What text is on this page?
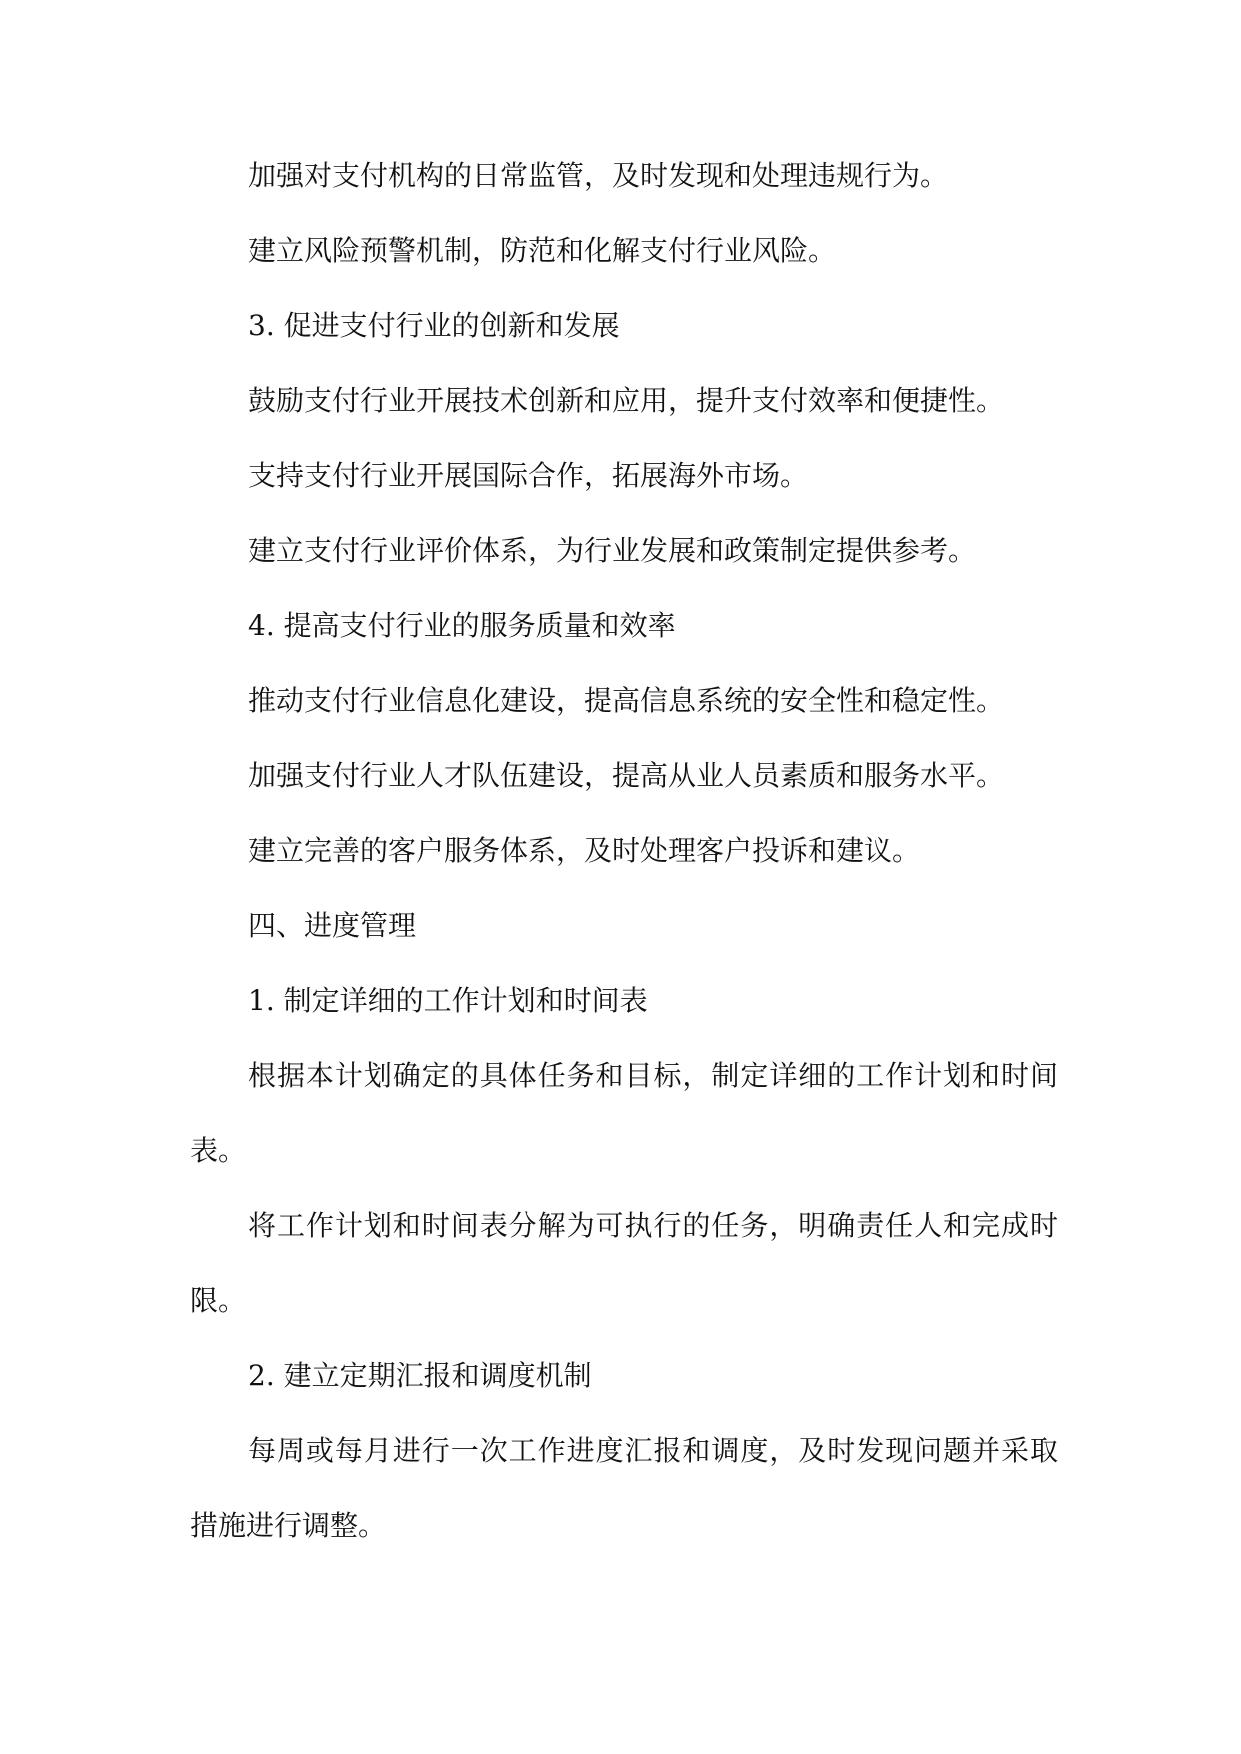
加强对支付机构的日常监管，及时发现和处理违规行为。

建立风险预警机制，防范和化解支付行业风险。

3. 促进支付行业的创新和发展

鼓励支付行业开展技术创新和应用，提升支付效率和便捷性。

支持支付行业开展国际合作，拓展海外市场。

建立支付行业评价体系，为行业发展和政策制定提供参考。

4. 提高支付行业的服务质量和效率

推动支付行业信息化建设，提高信息系统的安全性和稳定性。

加强支付行业人才队伍建设，提高从业人员素质和服务水平。

建立完善的客户服务体系，及时处理客户投诉和建议。

四、进度管理

1. 制定详细的工作计划和时间表

根据本计划确定的具体任务和目标，制定详细的工作计划和时间表。

将工作计划和时间表分解为可执行的任务，明确责任人和完成时限。

2. 建立定期汇报和调度机制

每周或每月进行一次工作进度汇报和调度，及时发现问题并采取措施进行调整。
